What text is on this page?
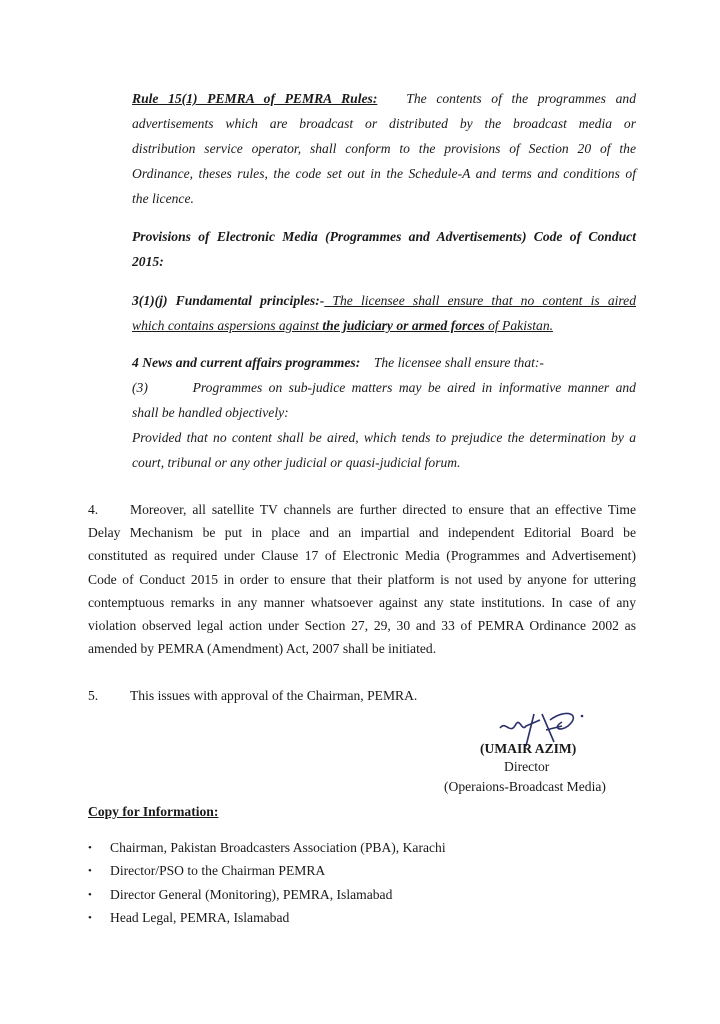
Rule 15(1) PEMRA of PEMRA Rules: The contents of the programmes and
advertisements which are broadcast or distributed by the broadcast media or
distribution service operator, shall conform to the provisions of Section 20 of the
Ordinance, theses rules, the code set out in the Schedule-A and terms and conditions of
the licence.
Provisions of Electronic Media (Programmes and Advertisements) Code of Conduct
2015:
3(1)(j) Fundamental principles:- The licensee shall ensure that no content is aired
which contains aspersions against the judiciary or armed forces of Pakistan.
4 News and current affairs programmes: The licensee shall ensure that:-
(3)	Programmes on sub-judice matters may be aired in informative manner and
shall be handled objectively:
Provided that no content shall be aired, which tends to prejudice the determination by a
court, tribunal or any other judicial or quasi-judicial forum.
4. Moreover, all satellite TV channels are further directed to ensure that an effective Time
Delay Mechanism be put in place and an impartial and independent Editorial Board be
constituted as required under Clause 17 of Electronic Media (Programmes and Advertisement)
Code of Conduct 2015 in order to ensure that their platform is not used by anyone for uttering
contemptuous remarks in any manner whatsoever against any state institutions. In case of any
violation observed legal action under Section 27, 29, 30 and 33 of PEMRA Ordinance 2002 as
amended by PEMRA (Amendment) Act, 2007 shall be initiated.
5. This issues with approval of the Chairman, PEMRA.
(UMAIR AZIM)
Director
(Operaions-Broadcast Media)
Copy for Information:
•	Chairman, Pakistan Broadcasters Association (PBA), Karachi
•	Director/PSO to the Chairman PEMRA
•	Director General (Monitoring), PEMRA, Islamabad
•	Head Legal, PEMRA, Islamabad
